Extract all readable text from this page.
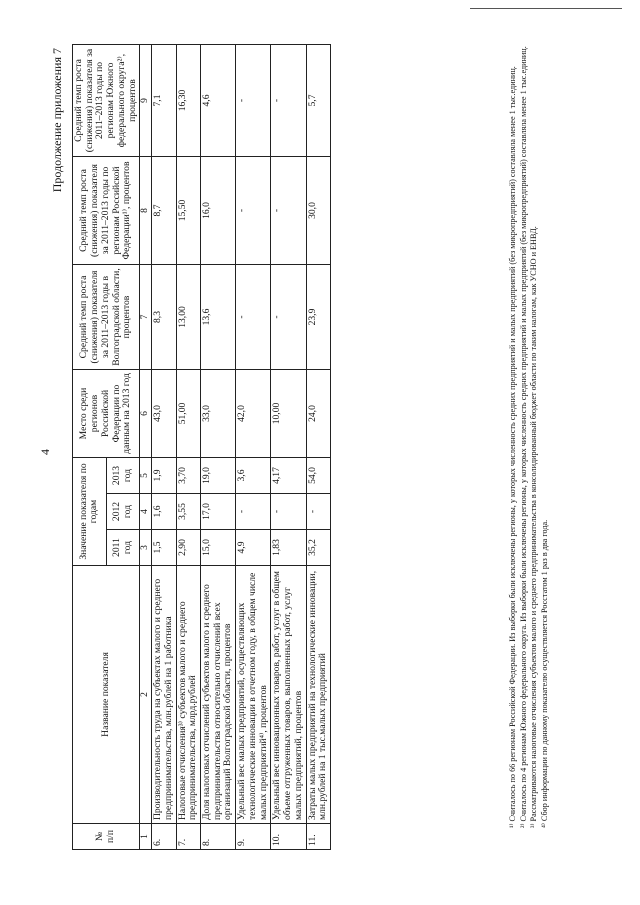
4
Продолжение приложения 7
№ п/п	Название показателя	Значение показателя по годам			Место среди регионов Российской Федерации по данным на 2013 год	Средний темп роста (снижения) показателя за 2011–2013 годы в Волгоградской области, процентов	Средний темп роста (снижения) показателя за 2011–2013 годы по регионам Российской Федерации¹⁾, процентов	Средний темп роста (снижения) показателя за 2011–2013 годы по регионам Южного федерального округа²⁾, процентов
		2011 год	2012 год	2013 год				
1	2	3	4	5	6	7	8	9
6.	Производительность труда на субъектах малого и среднего предпринимательства, млн.рублей на 1 работника	1,5	1,6	1,9	43,0	8,3	8,7	7,1
7.	Налоговые отчисления³⁾ субъектов малого и среднего предпринимательства, млрд.рублей	2,90	3,55	3,70	51,00	13,00	15,50	16,30
8.	Доля налоговых отчислений субъектов малого и среднего предпринимательства относительно отчислений всех организаций Волгоградской области, процентов	15,0	17,0	19,0	33,0	13,6	16,0	4,6
9.	Удельный вес малых предприятий, осуществляющих технологические инновации в отчетном году, в общем числе малых предприятий⁴⁾, процентов	4,9	-	3,6	42,0	-	-	-
10.	Удельный вес инновационных товаров, работ, услуг в общем объеме отгруженных товаров, выполненных работ, услуг малых предприятий, процентов	1,83	-	4,17	10,00	-	-	-
11.	Затраты малых предприятий на технологические инновации, млн.рублей на 1 тыс.малых предприятий	35,2	-	54,0	24,0	23,9	30,0	5,7	¹⁾ Считалось по 66 регионам Российской Федерации. Из выборки были исключены регионы, у которых численность средних предприятий и малых предприятий (без микропредприятий) составляла менее 1 тыс.единиц. ²⁾ Считалось по 4 регионам Южного федерального округа. Из выборки были исключены регионы, у которых численность средних предприятий и малых предприятий (без микропредприятий) составляла менее 1 тыс.единиц. ³⁾ Рассматриваются налоговые отчисления субъектов малого и среднего предпринимательства в консолидированный бюджет области по таким налогам, как УСНО и ЕНВД. ⁴⁾ Сбор информации по данному показателю осуществляется Росстатом 1 раз в два года.
